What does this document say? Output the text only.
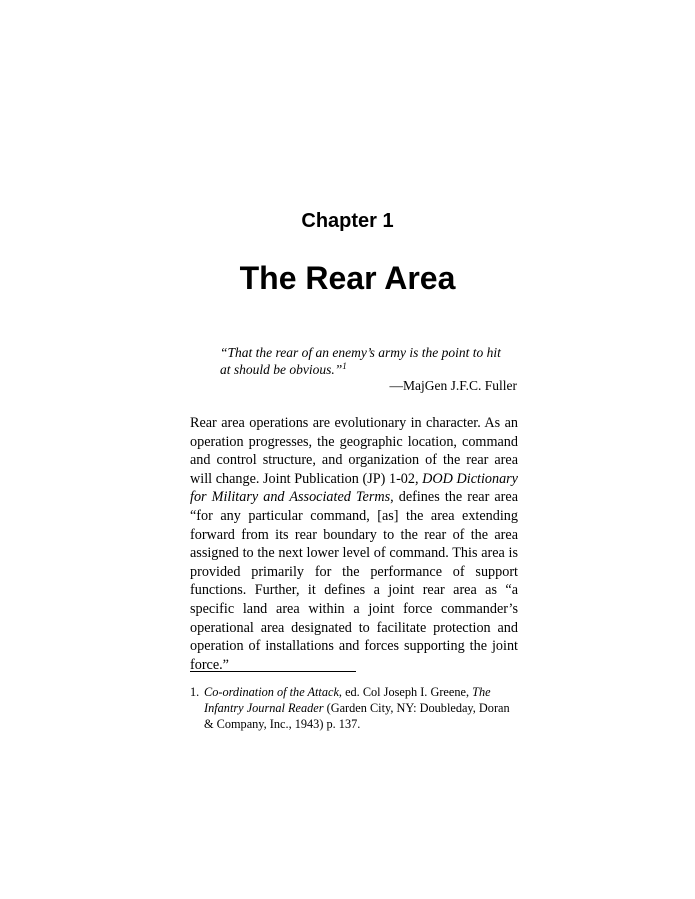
Chapter 1
The Rear Area
“That the rear of an enemy’s army is the point to hit
at should be obvious.”$^1$
—MajGen J.F.C. Fuller
Rear area operations are evolutionary in character. As an operation progresses, the geographic location, command and control structure, and organization of the rear area will change. Joint Publication (JP) 1-02, DOD Dictionary for Military and Associated Terms, defines the rear area “for any particular command, [as] the area extending forward from its rear boundary to the rear of the area assigned to the next lower level of command. This area is provided primarily for the performance of support functions. Further, it defines a joint rear area as “a specific land area within a joint force commander’s operational area designated to facilitate protection and operation of installations and forces supporting the joint force.”
1. Co-ordination of the Attack, ed. Col Joseph I. Greene, The Infantry Journal Reader (Garden City, NY: Doubleday, Doran & Company, Inc., 1943) p. 137.
